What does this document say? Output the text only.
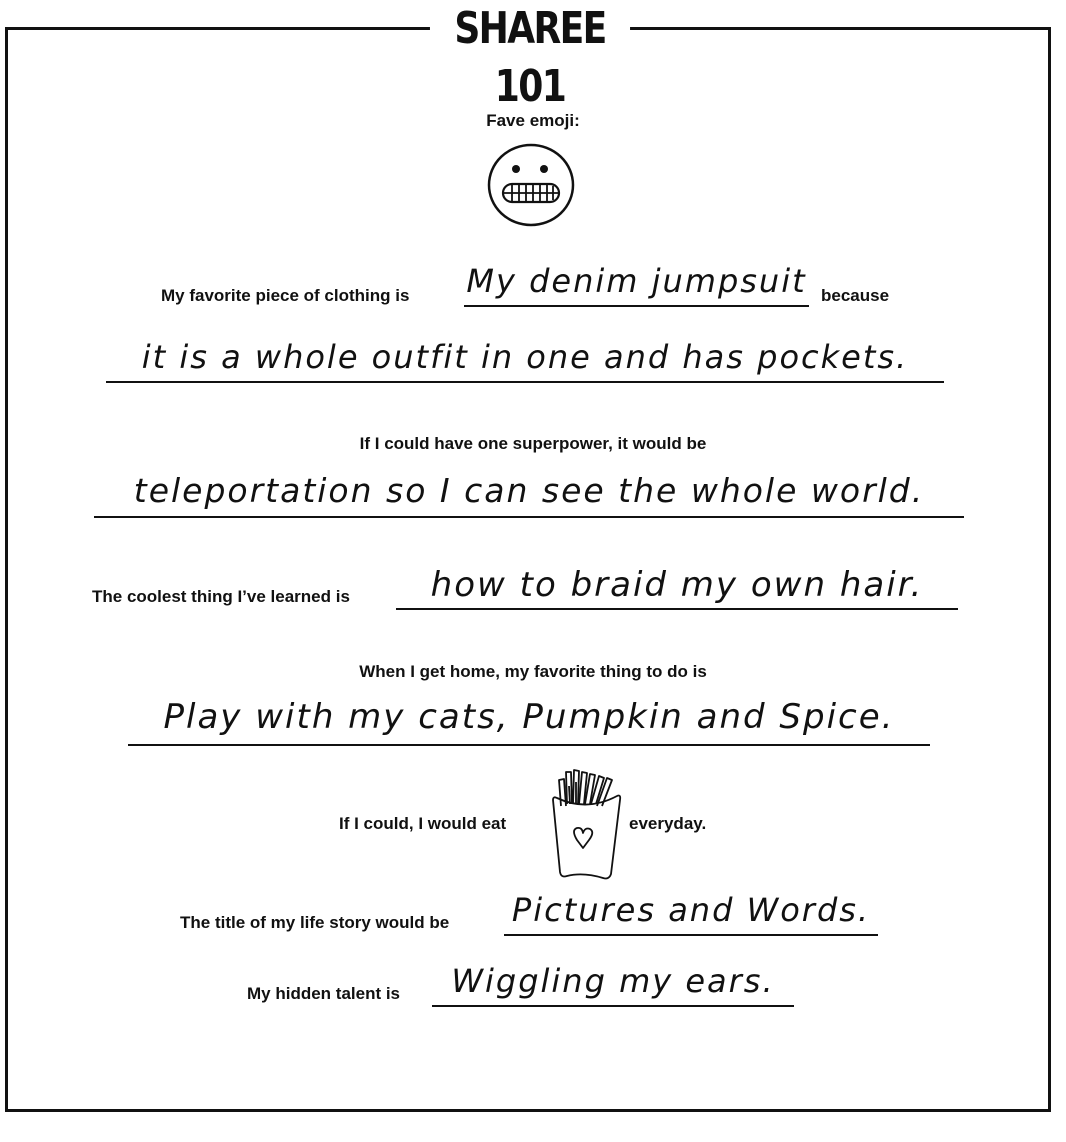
SHAREE 101
Fave emoji:
My favorite piece of clothing is My denim jumpsuit because
it is a whole outfit in one and has pockets.
If I could have one superpower, it would be
teleportation so I can see the whole world.
The coolest thing I’ve learned is	how to braid my own hair.
When I get home, my favorite thing to do is
Play with my cats, Pumpkin and Spice.
If I could, I would eat	everyday.
The title of my life story would be Pictures and Words.
My hidden talent is	Wiggling my ears.
